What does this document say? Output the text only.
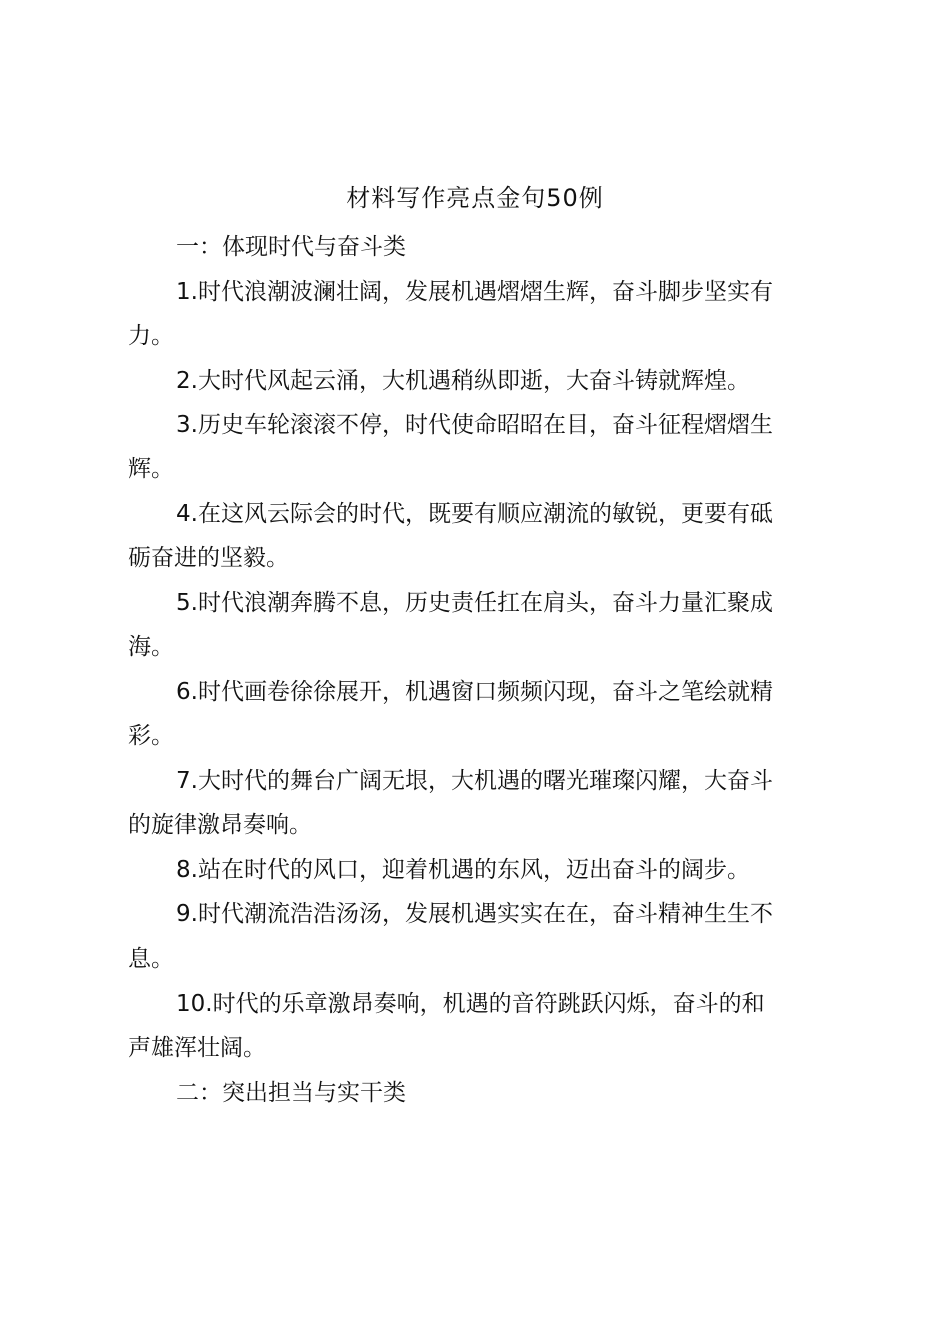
材料写作亮点金句50例
一：体现时代与奋斗类
1.时代浪潮波澜壮阔，发展机遇熠熠生辉，奋斗脚步坚实有
力。
2.大时代风起云涌，大机遇稍纵即逝，大奋斗铸就辉煌。
3.历史车轮滚滚不停，时代使命昭昭在目，奋斗征程熠熠生
辉。
4.在这风云际会的时代，既要有顺应潮流的敏锐，更要有砥
砺奋进的坚毅。
5.时代浪潮奔腾不息，历史责任扛在肩头，奋斗力量汇聚成
海。
6.时代画卷徐徐展开，机遇窗口频频闪现，奋斗之笔绘就精
彩。
7.大时代的舞台广阔无垠，大机遇的曙光璀璨闪耀，大奋斗
的旋律激昂奏响。
8.站在时代的风口，迎着机遇的东风，迈出奋斗的阔步。
9.时代潮流浩浩汤汤，发展机遇实实在在，奋斗精神生生不
息。
10.时代的乐章激昂奏响，机遇的音符跳跃闪烁，奋斗的和
声雄浑壮阔。
二：突出担当与实干类
